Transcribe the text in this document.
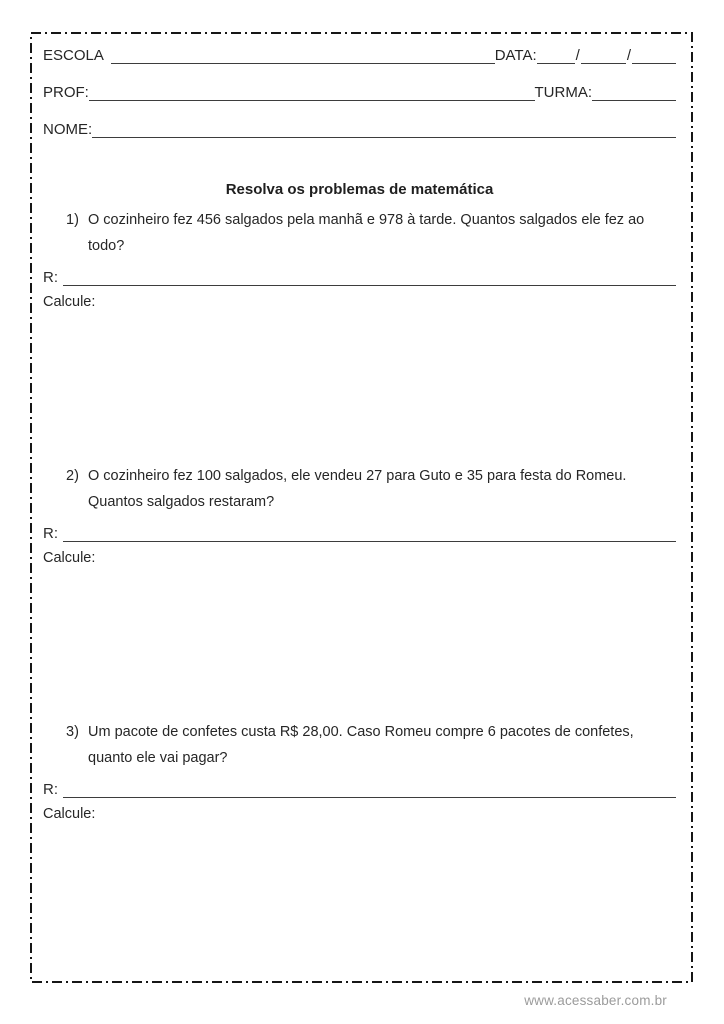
ESCOLA	DATA:	/	/
PROF:	TURMA:
NOME:
Resolva os problemas de matemática
1) O cozinheiro fez 456 salgados pela manhã e 978 à tarde. Quantos salgados ele fez ao todo?
R:
Calcule:
2) O cozinheiro fez 100 salgados, ele vendeu 27 para Guto e 35 para festa do Romeu. Quantos salgados restaram?
R:
Calcule:
3) Um pacote de confetes custa R$ 28,00. Caso Romeu compre 6 pacotes de confetes, quanto ele vai pagar?
R:
Calcule:
www.acessaber.com.br
